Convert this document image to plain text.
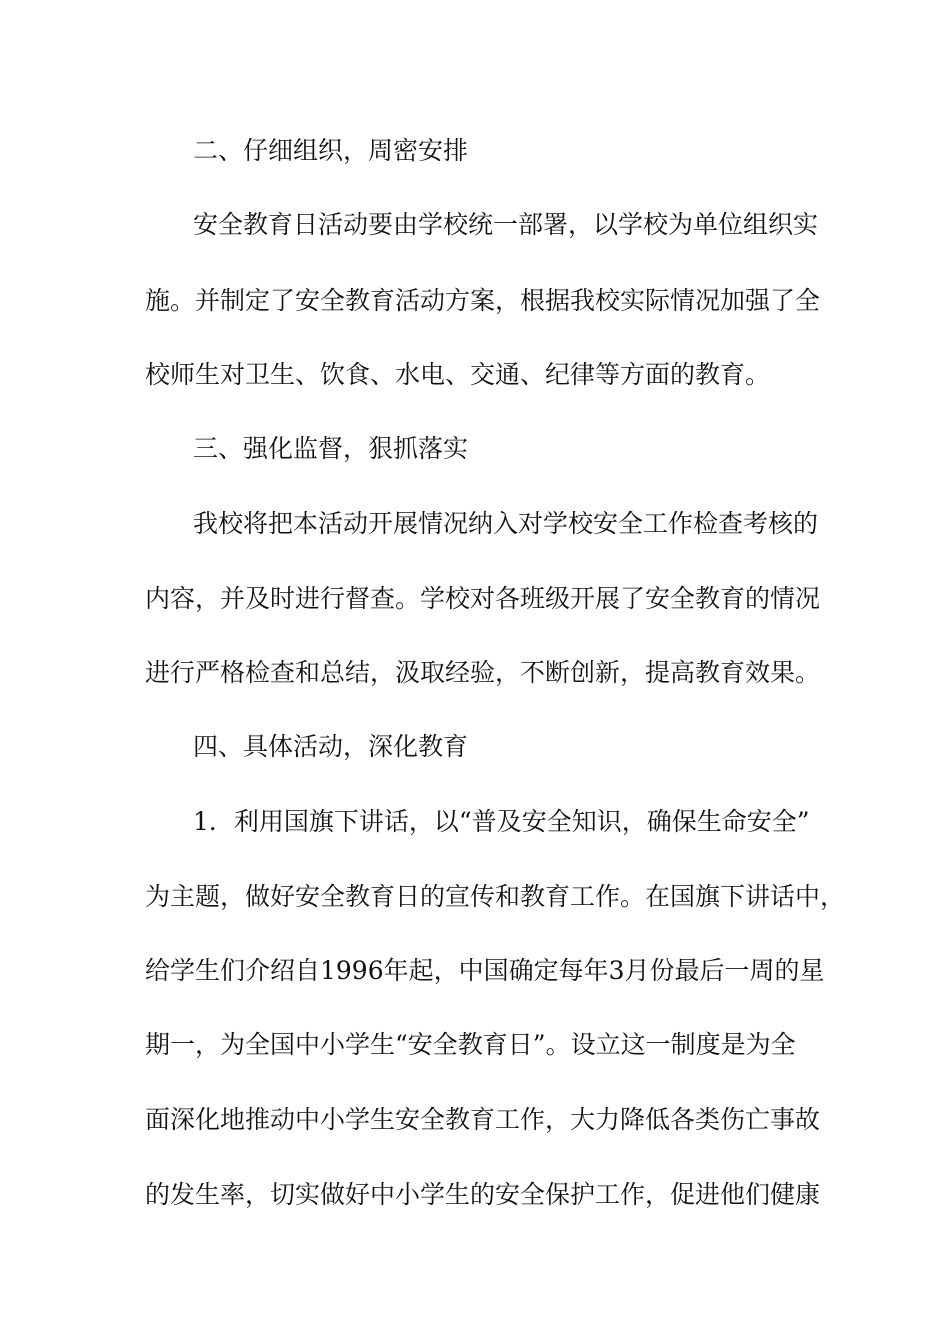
二、仔细组织，周密安排
安全教育日活动要由学校统一部署，以学校为单位组织实
施。并制定了安全教育活动方案，根据我校实际情况加强了全
校师生对卫生、饮食、水电、交通、纪律等方面的教育。
三、强化监督，狠抓落实
我校将把本活动开展情况纳入对学校安全工作检查考核的
内容，并及时进行督查。学校对各班级开展了安全教育的情况
进行严格检查和总结，汲取经验，不断创新，提高教育效果。
四、具体活动，深化教育
1．利用国旗下讲话，以“普及安全知识，确保生命安全”
为主题，做好安全教育日的宣传和教育工作。在国旗下讲话中，
给学生们介绍自1996年起，中国确定每年3月份最后一周的星
期一，为全国中小学生“安全教育日”。设立这一制度是为全
面深化地推动中小学生安全教育工作，大力降低各类伤亡事故
的发生率，切实做好中小学生的安全保护工作，促进他们健康
